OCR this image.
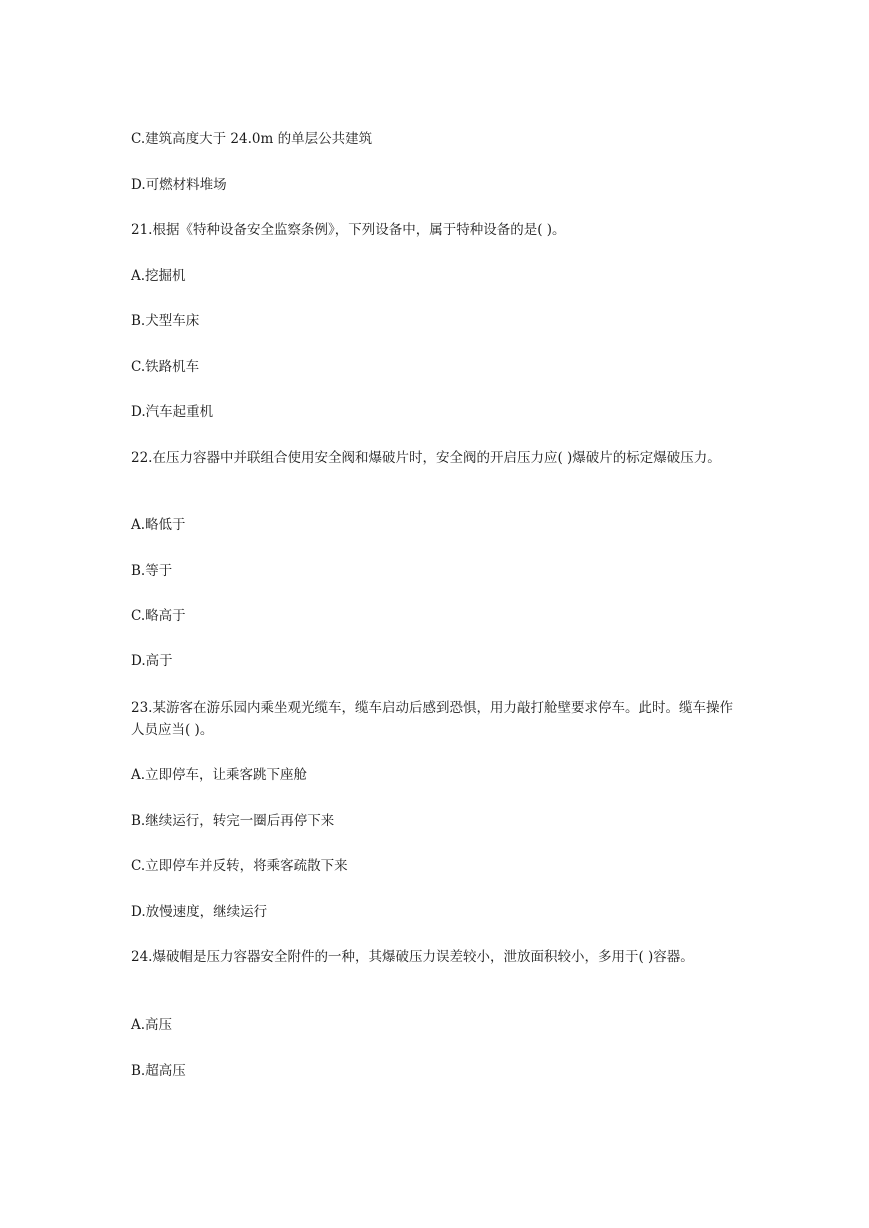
C.建筑高度大于 24.0m 的单层公共建筑
D.可燃材料堆场
21.根据《特种设备安全监察条例》，下列设备中，属于特种设备的是( )。
A.挖掘机
B.犬型车床
C.铁路机车
D.汽车起重机
22.在压力容器中并联组合使用安全阀和爆破片时，安全阀的开启压力应( )爆破片的标定爆破压力。
A.略低于
B.等于
C.略高于
D.高于
23.某游客在游乐园内乘坐观光缆车，缆车启动后感到恐惧，用力敲打舱壁要求停车。此时。缆车操作人员应当( )。
A.立即停车，让乘客跳下座舱
B.继续运行，转完一圈后再停下来
C.立即停车并反转，将乘客疏散下来
D.放慢速度，继续运行
24.爆破帽是压力容器安全附件的一种，其爆破压力误差较小，泄放面积较小，多用于( )容器。
A.高压
B.超高压
